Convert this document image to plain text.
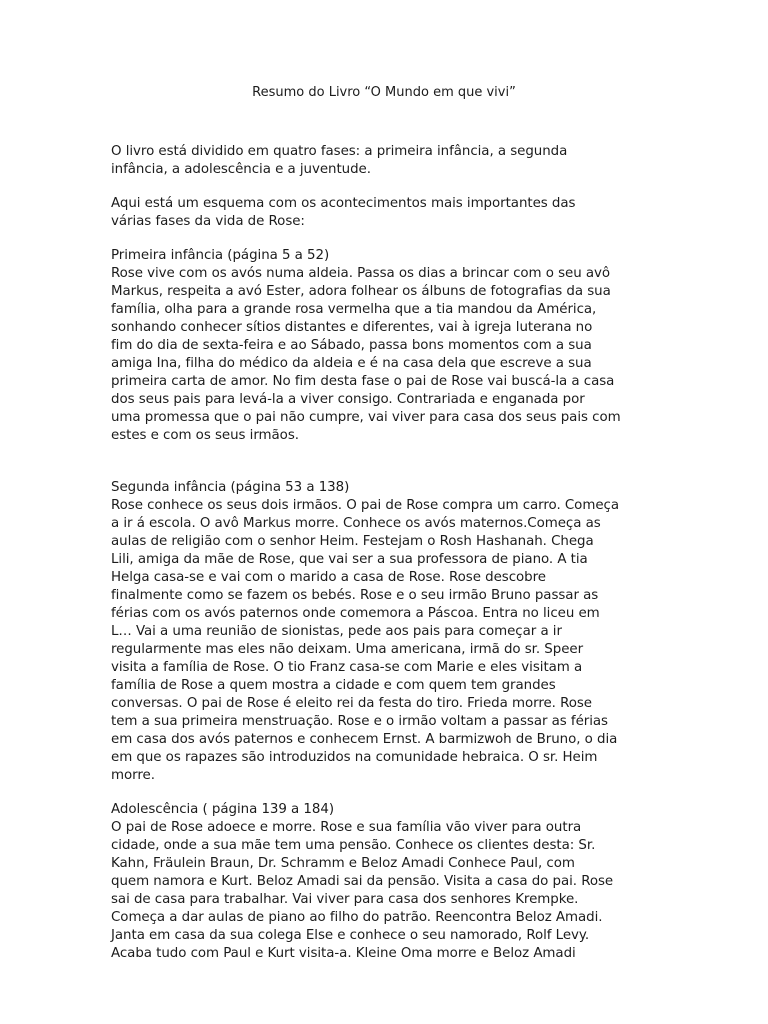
Resumo do Livro “O Mundo em que vivi”
O livro está dividido em quatro fases: a primeira infância, a segunda
infância, a adolescência e a juventude.
Aqui está um esquema com os acontecimentos mais importantes das
várias fases da vida de Rose:
Primeira infância (página 5 a 52)
Rose vive com os avós numa aldeia. Passa os dias a brincar com o seu avô
Markus, respeita a avó Ester, adora folhear os álbuns de fotografias da sua
família, olha para a grande rosa vermelha que a tia mandou da América,
sonhando conhecer sítios distantes e diferentes, vai à igreja luterana no
fim do dia de sexta-feira e ao Sábado, passa bons momentos com a sua
amiga Ina, filha do médico da aldeia e é na casa dela que escreve a sua
primeira carta de amor. No fim desta fase o pai de Rose vai buscá-la a casa
dos seus pais para levá-la a viver consigo. Contrariada e enganada por
uma promessa que o pai não cumpre, vai viver para casa dos seus pais com
estes e com os seus irmãos.
Segunda infância (página 53 a 138)
Rose conhece os seus dois irmãos. O pai de Rose compra um carro. Começa
a ir á escola. O avô Markus morre. Conhece os avós maternos.Começa as
aulas de religião com o senhor Heim. Festejam o Rosh Hashanah. Chega
Lili, amiga da mãe de Rose, que vai ser a sua professora de piano. A tia
Helga casa-se e vai com o marido a casa de Rose. Rose descobre
finalmente como se fazem os bebés. Rose e o seu irmão Bruno passar as
férias com os avós paternos onde comemora a Páscoa. Entra no liceu em
L… Vai a uma reunião de sionistas, pede aos pais para começar a ir
regularmente mas eles não deixam. Uma americana, irmã do sr. Speer
visita a família de Rose. O tio Franz casa-se com Marie e eles visitam a
família de Rose a quem mostra a cidade e com quem tem grandes
conversas. O pai de Rose é eleito rei da festa do tiro. Frieda morre. Rose
tem a sua primeira menstruação. Rose e o irmão voltam a passar as férias
em casa dos avós paternos e conhecem Ernst. A barmizwoh de Bruno, o dia
em que os rapazes são introduzidos na comunidade hebraica. O sr. Heim
morre.
Adolescência ( página 139 a 184)
O pai de Rose adoece e morre. Rose e sua família vão viver para outra
cidade, onde a sua mãe tem uma pensão. Conhece os clientes desta: Sr.
Kahn, Fräulein Braun, Dr. Schramm e Beloz Amadi Conhece Paul, com
quem namora e Kurt. Beloz Amadi sai da pensão. Visita a casa do pai. Rose
sai de casa para trabalhar. Vai viver para casa dos senhores Krempke.
Começa a dar aulas de piano ao filho do patrão. Reencontra Beloz Amadi.
Janta em casa da sua colega Else e conhece o seu namorado, Rolf Levy.
Acaba tudo com Paul e Kurt visita-a. Kleine Oma morre e Beloz Amadi
